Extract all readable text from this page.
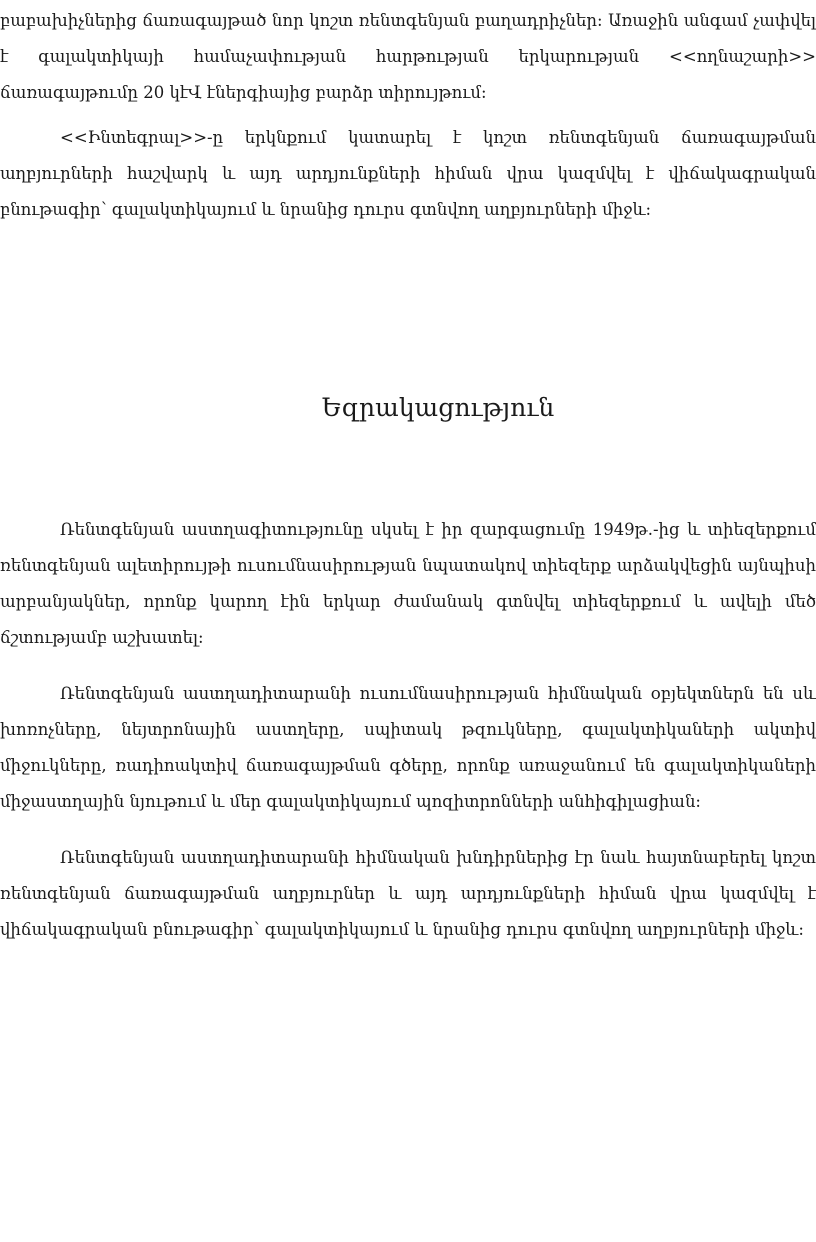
բաբախիչներից ճառագայթած նոր կոշտ ռենտգենյան բաղադրիչներ: Առաջին անգամ չափվել է գալակտիկայի համաչափության հարթության երկարության <<ողնաշարի>> ճառագայթումը 20 կէՎ էներգիայից բարձր տիրույթում:

<<Ինտեգրալ>>-ը երկնքում կատարել է կոշտ ռենտգենյան ճառագայթման աղբյուրների հաշվարկ և այդ արդյունքների հիման վրա կազմվել է վիճակագրական բնութագիր՝ գալակտիկայում և նրանից դուրս գտնվող աղբյուրների միջև:

Եզրակացություն

Ռենտգենյան աստղագիտությունը սկսել է իր զարգացումը 1949թ.-ից և տիեզերքում ռենտգենյան ալետիրույթի ուսումնասիրության նպատակով տիեզերք արձակվեցին այնպիսի արբանյակներ, որոնք կարող էին երկար ժամանակ գտնվել տիեզերքում և ավելի մեծ ճշտությամբ աշխատել:

Ռենտգենյան աստղադիտարանի ուսումնասիրության հիմնական օբյեկտներն են սև խոռոչները, նեյտրոնային աստղերը, սպիտակ թզուկները, գալակտիկաների ակտիվ միջուկները, ռադիոակտիվ ճառագայթման գծերը, որոնք առաջանում են գալակտիկաների միջաստղային նյութում և մեր գալակտիկայում պոզիտրոնների անհիգիլացիան:

Ռենտգենյան աստղադիտարանի հիմնական խնդիրներից էր նաև հայտնաբերել կոշտ ռենտգենյան ճառագայթման աղբյուրներ և այդ արդյունքների հիման վրա կազմվել է վիճակագրական բնութագիր՝ գալակտիկայում և նրանից դուրս գտնվող աղբյուրների միջև:
